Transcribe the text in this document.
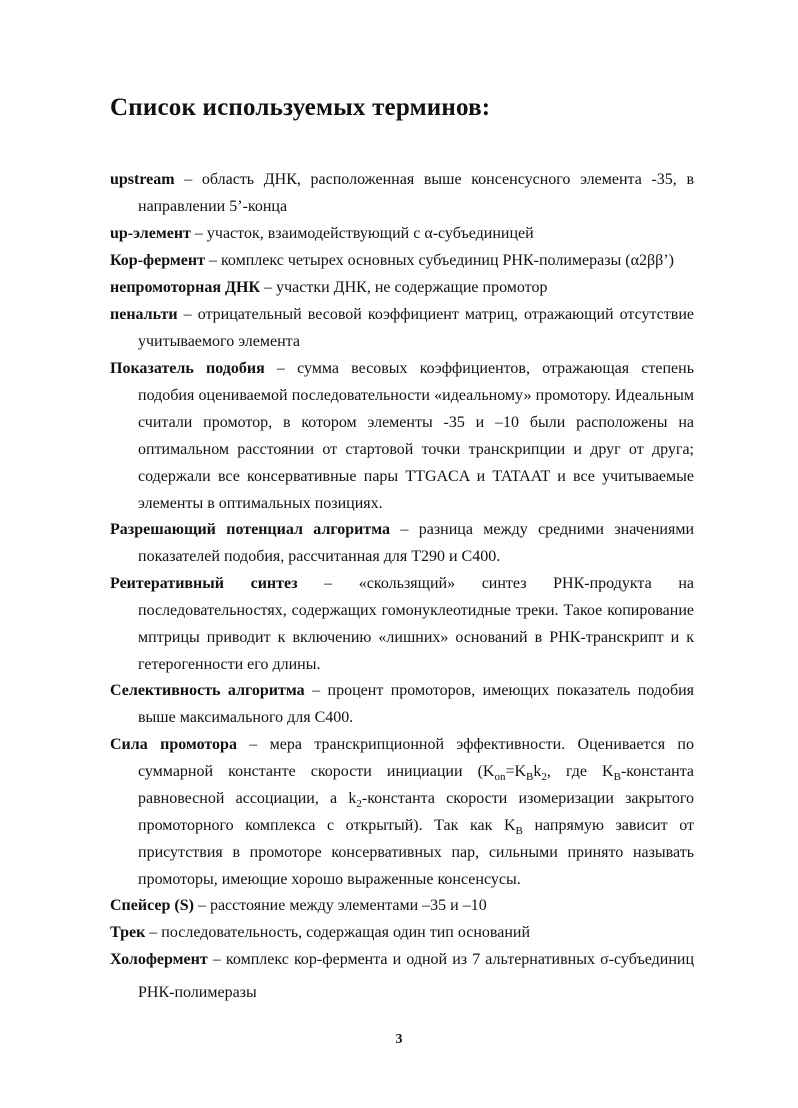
Список используемых терминов:
upstream – область ДНК, расположенная выше консенсусного элемента -35, в
направлении 5’-конца
up-элемент – участок, взаимодействующий с α-субъединицей
Кор-фермент – комплекс четырех основных субъединиц РНК-полимеразы (α2ββ’)
непромоторная ДНК – участки ДНК, не содержащие промотор
пенальти – отрицательный весовой коэффициент матриц, отражающий отсутствие
учитываемого элемента
Показатель подобия – сумма весовых коэффициентов, отражающая степень
подобия оцениваемой последовательности «идеальному» промотору. Идеальным
считали промотор, в котором элементы -35 и –10 были расположены на
оптимальном расстоянии от стартовой точки транскрипции и друг от друга;
содержали все консервативные пары TTGACA и TATAAT и все учитываемые
элементы в оптимальных позициях.
Разрешающий потенциал алгоритма – разница между средними значениями
показателей подобия, рассчитанная для T290 и C400.
Реитеративный синтез – «скользящий» синтез РНК-продукта на
последовательностях, содержащих гомонуклеотидные треки. Такое копирование
мптрицы приводит к включению «лишних» оснований в РНК-транскрипт и к
гетерогенности его длины.
Селективность алгоритма – процент промоторов, имеющих показатель подобия
выше максимального для C400.
Сила промотора – мера транскрипционной эффективности. Оценивается по
суммарной константе скорости инициации ($K_{on}=K_Bk_2$, где $K_B$-константа
равновесной ассоциации, а $k_2$-константа скорости изомеризации закрытого
промоторного комплекса с открытый). Так как $K_B$ напрямую зависит от
присутствия в промоторе консервативных пар, сильными принято называть
промоторы, имеющие хорошо выраженные консенсусы.
Спейсер (S) – расстояние между элементами –35 и –10
Трек – последовательность, содержащая один тип оснований
Холофермент – комплекс кор-фермента и одной из 7 альтернативных σ-субъединиц
РНК-полимеразы
3
